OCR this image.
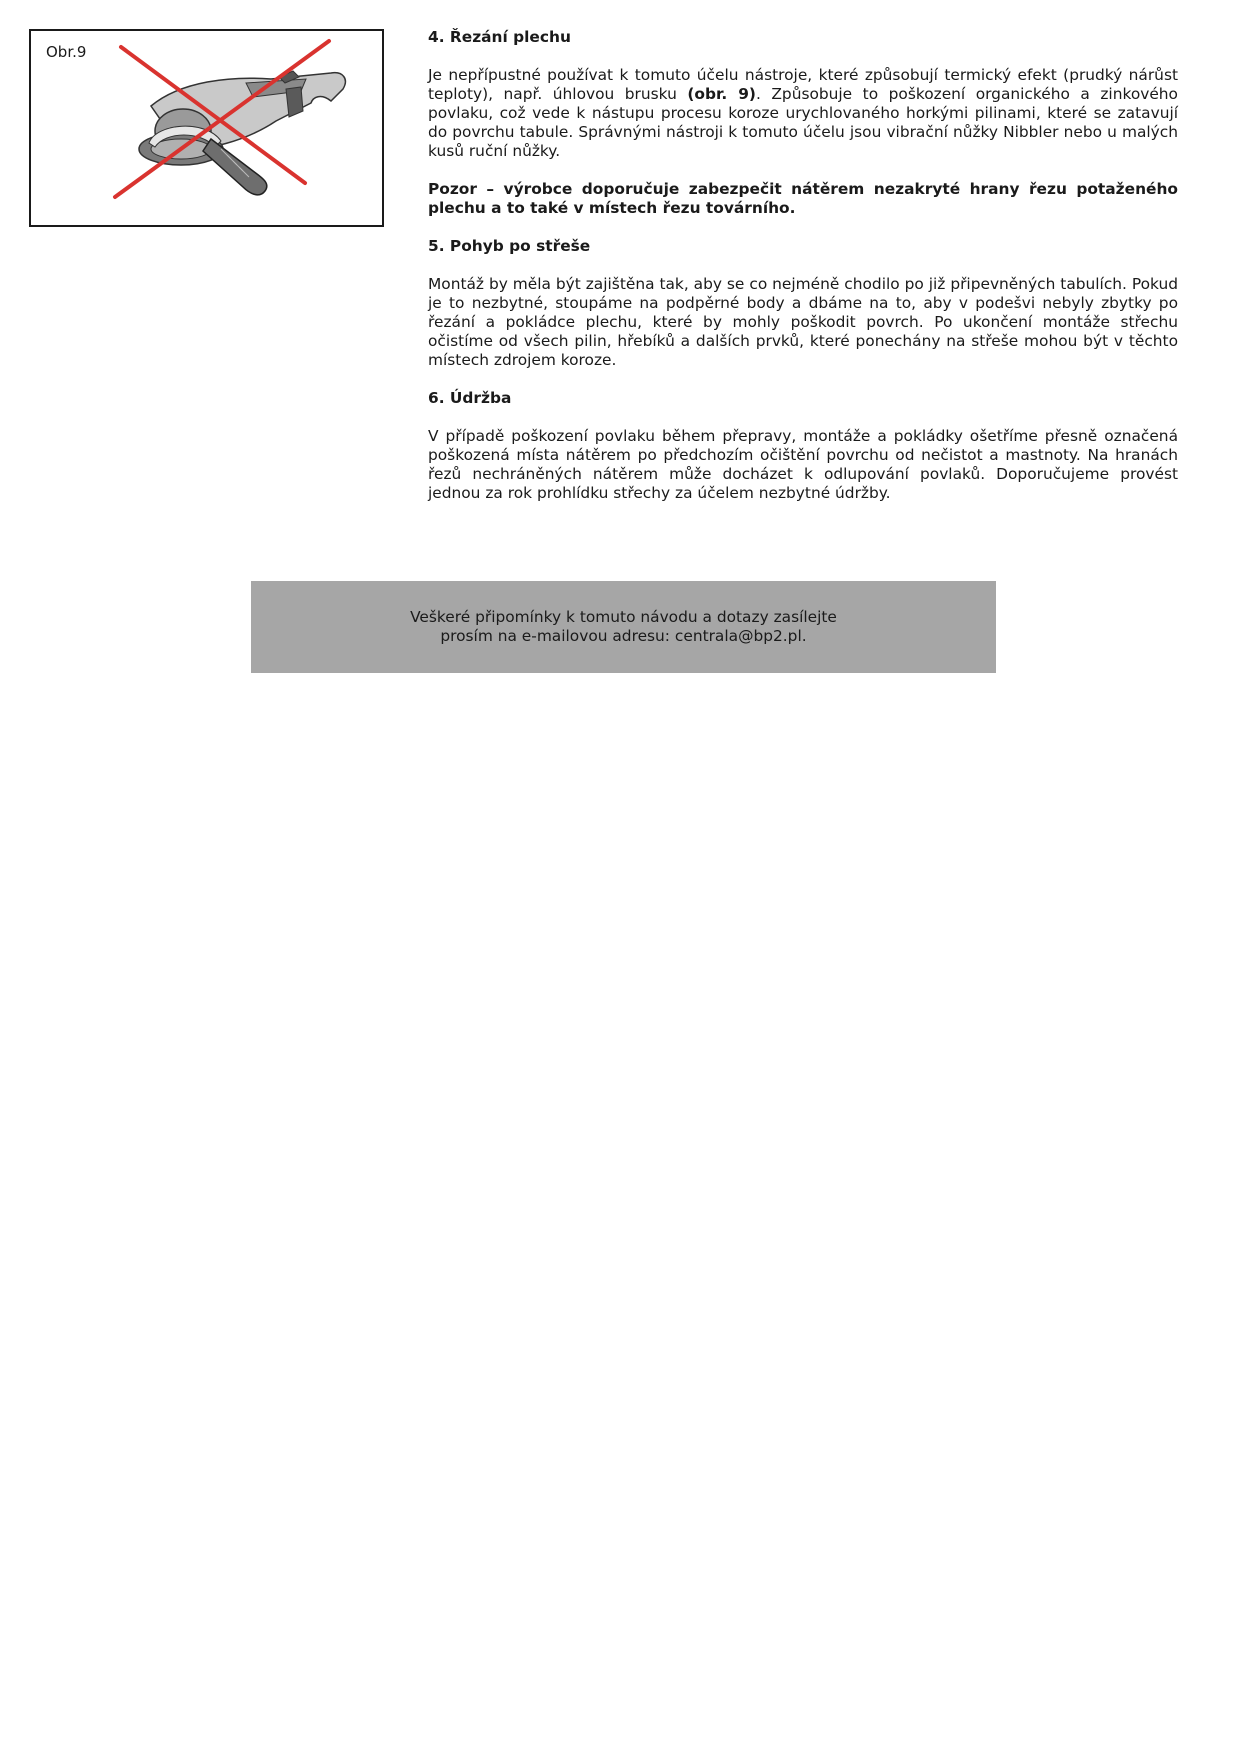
Obr.9
4. Řezání plechu

Je nepřípustné používat k tomuto účelu nástroje, které způsobují termický efekt (prudký nárůst teploty), např. úhlovou brusku (obr. 9). Způsobuje to poškození organického a zinkového povlaku, což vede k nástupu procesu koroze urychlovaného horkými pilinami, které se zatavují do povrchu tabule. Správnými nástroji k tomuto účelu jsou vibrační nůžky Nibbler nebo u malých kusů ruční nůžky.

Pozor – výrobce doporučuje zabezpečit nátěrem nezakryté hrany řezu potaženého plechu a to také v místech řezu továrního.

5. Pohyb po střeše

Montáž by měla být zajištěna tak, aby se co nejméně chodilo po již připevněných tabulích. Pokud je to nezbytné, stoupáme na podpěrné body a dbáme na to, aby v podešvi nebyly zbytky po řezání a pokládce plechu, které by mohly poškodit povrch. Po ukončení montáže střechu očistíme od všech pilin, hřebíků a dalších prvků, které ponechány na střeše mohou být v těchto místech zdrojem koroze.

6. Údržba

V případě poškození povlaku během přepravy, montáže a pokládky ošetříme přesně označená poškozená místa nátěrem po předchozím očištění povrchu od nečistot a mastnoty. Na hranách řezů nechráněných nátěrem může docházet k odlupování povlaků. Doporučujeme provést jednou za rok prohlídku střechy za účelem nezbytné údržby.

Veškeré připomínky k tomuto návodu a dotazy zasílejte
prosím na e-mailovou adresu: centrala@bp2.pl.
